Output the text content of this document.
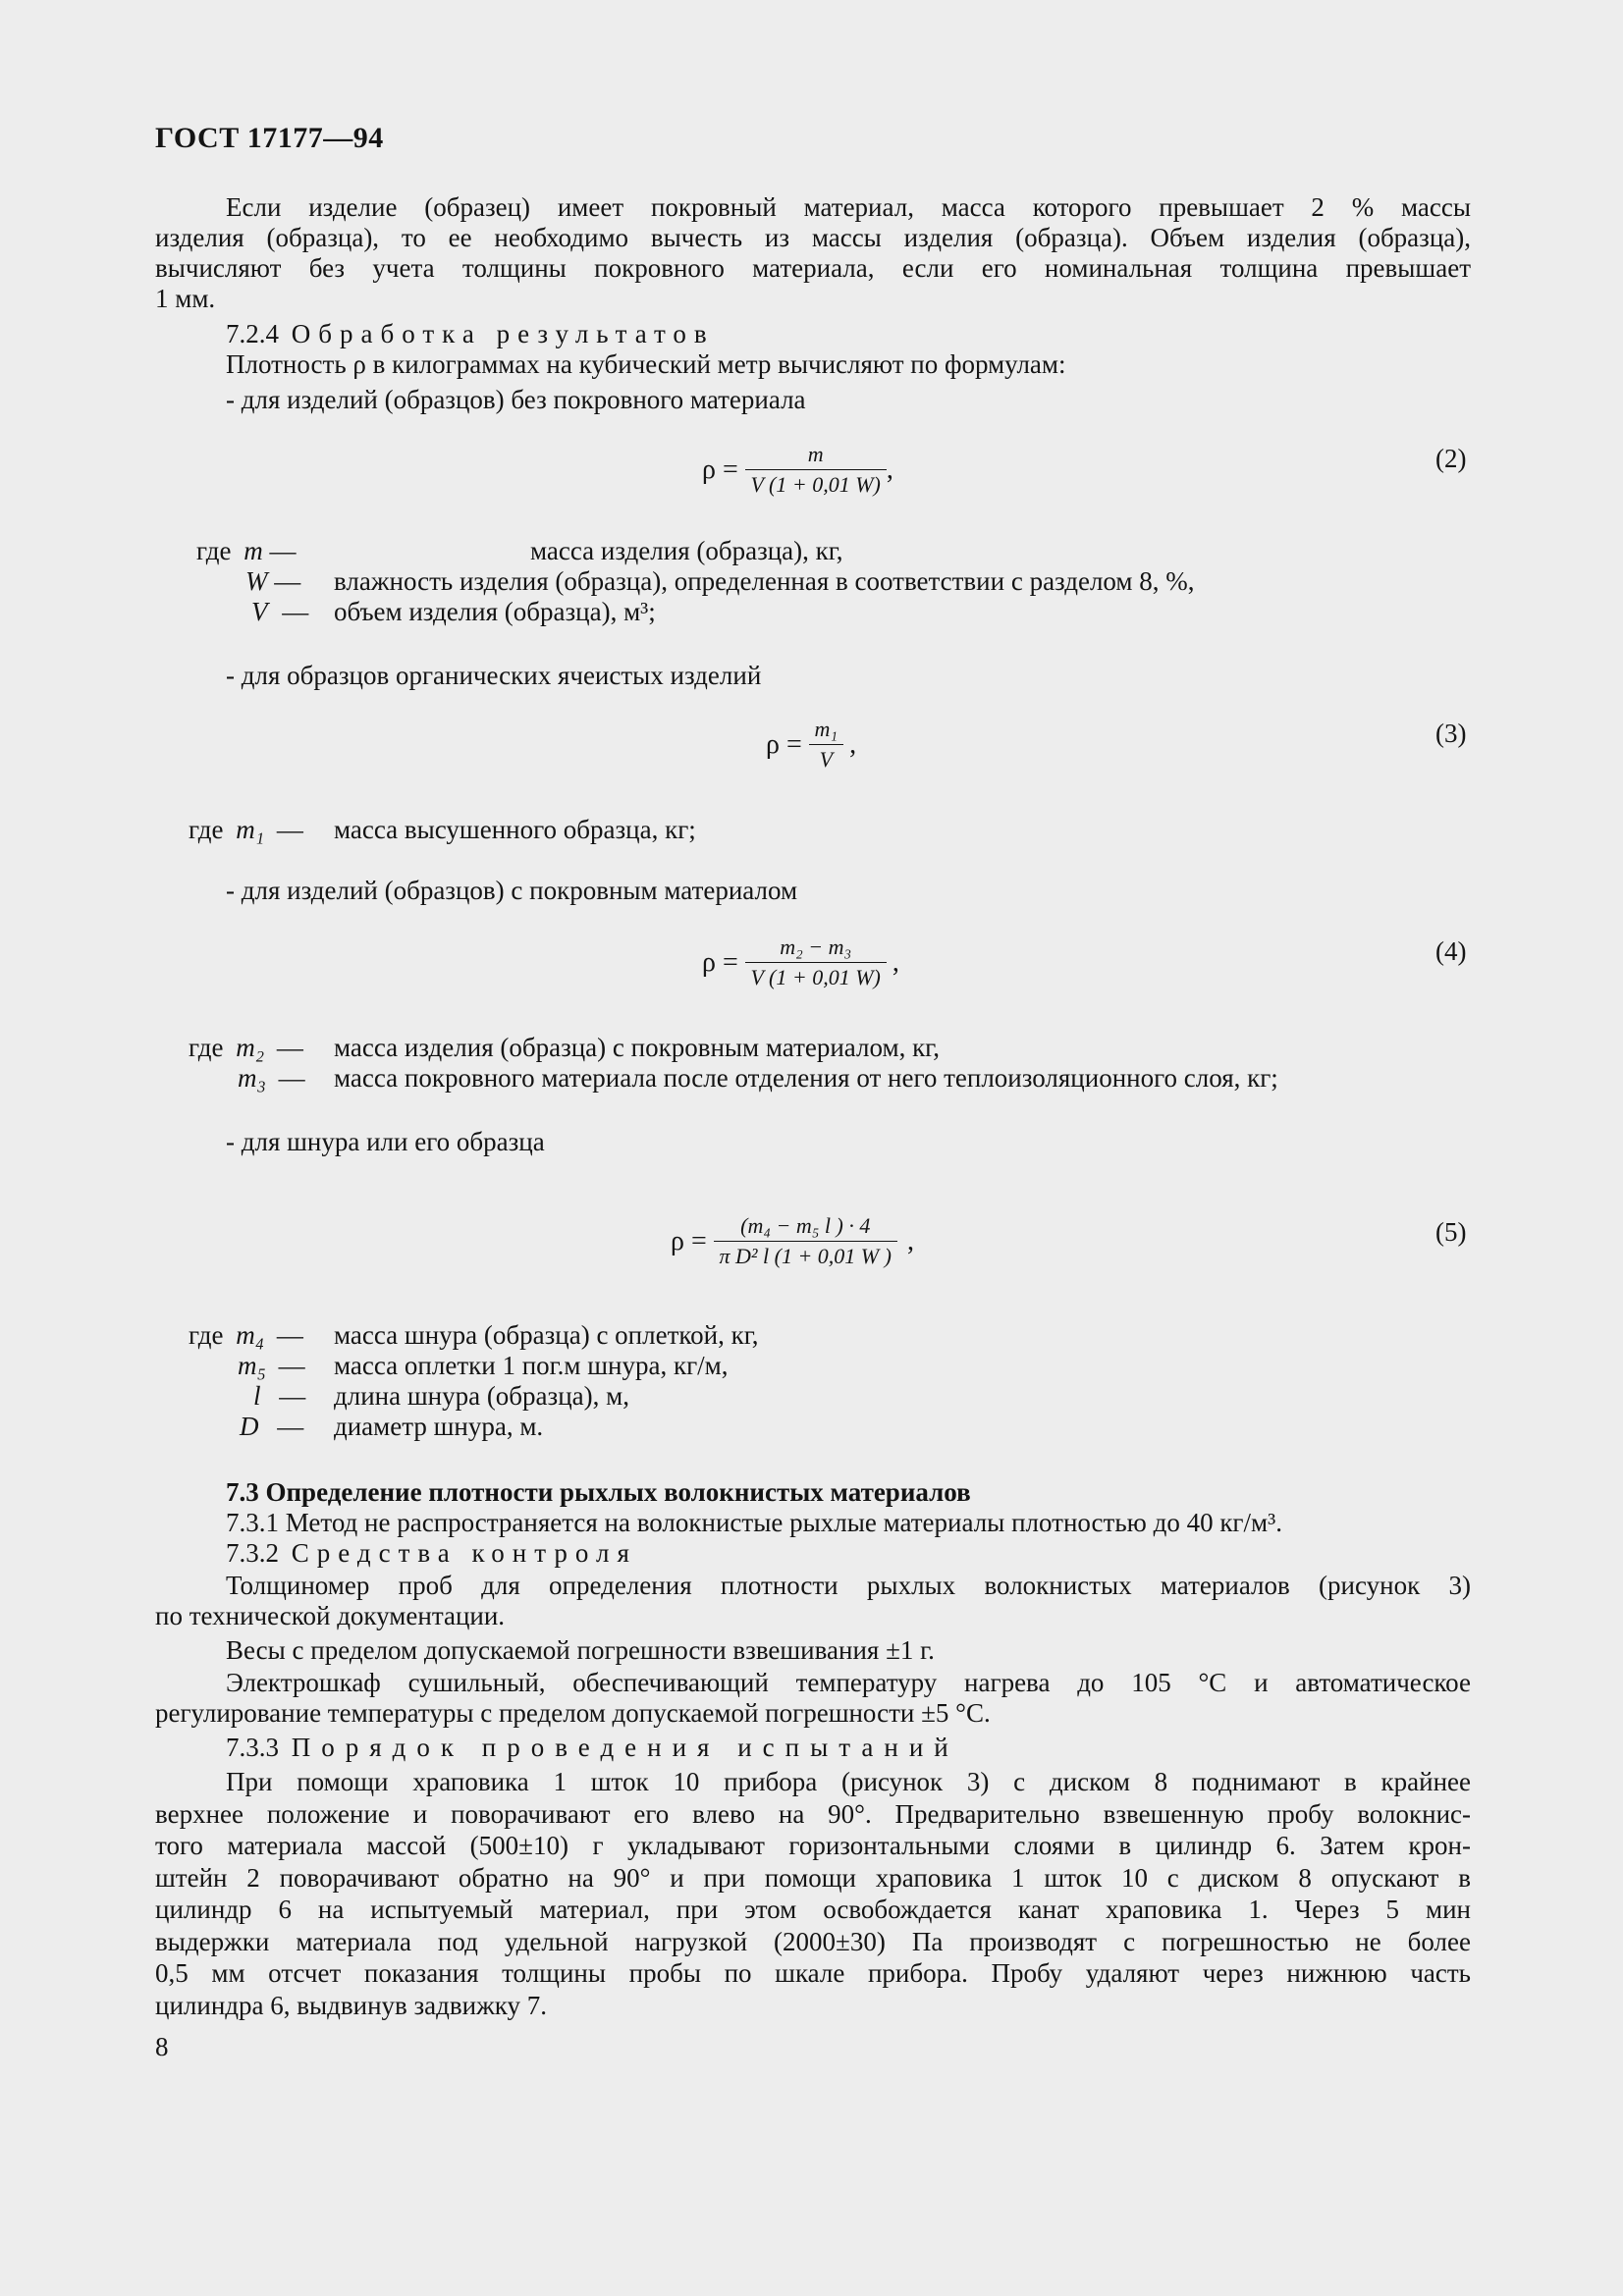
ГОСТ 17177—94
Если изделие (образец) имеет покровный материал, масса которого превышает 2 % массы
изделия (образца), то ее необходимо вычесть из массы изделия (образца). Объем изделия (образца),
вычисляют без учета толщины покровного материала, если его номинальная толщина превышает
1 мм.
7.2.4 Обработка результатов
Плотность ρ в килограммах на кубический метр вычисляют по формулам:
- для изделий (образцов) без покровного материала
$\rho = \frac{m}{V (1 + 0,01 W)}$ ,	(2)
где m —	масса изделия (образца), кг,
W — влажность изделия (образца), определенная в соответствии с разделом 8, %,
V — объем изделия (образца), м³;
- для образцов органических ячеистых изделий
$\rho = \frac{\text{m₁}}{V}$ ,	(3)
где m₁ — масса высушенного образца, кг;
- для изделий (образцов) с покровным материалом
$\rho = \frac{\text{m₂ − m₃}}{V (1 + 0,01 W)}$ ,	(4)
где m₂ — масса изделия (образца) с покровным материалом, кг,
m₃ — масса покровного материала после отделения от него теплоизоляционного слоя, кг;
- для шнура или его образца
$\rho = \frac{\text{(m₄ − m₅ l ) · 4}}{\text{π D² l (1 + 0,01 W )}}$ ,	(5)
где m₄ — масса шнура (образца) с оплеткой, кг,
m₅ — масса оплетки 1 пог.м шнура, кг/м,
l — длина шнура (образца), м,
D — диаметр шнура, м.
7.3 Определение плотности рыхлых волокнистых материалов
7.3.1 Метод не распространяется на волокнистые рыхлые материалы плотностью до 40 кг/м³.
7.3.2 Средства контроля
Толщиномер проб для определения плотности рыхлых волокнистых материалов (рисунок 3)
по технической документации.
Весы с пределом допускаемой погрешности взвешивания ±1 г.
Электрошкаф сушильный, обеспечивающий температуру нагрева до 105 °С и автоматическое
регулирование температуры с пределом допускаемой погрешности ±5 °С.
7.3.3 Порядок проведения испытаний
При помощи храповика 1 шток 10 прибора (рисунок 3) с диском 8 поднимают в крайнее
верхнее положение и поворачивают его влево на 90°. Предварительно взвешенную пробу волокнис-
того материала массой (500±10) г укладывают горизонтальными слоями в цилиндр 6. Затем крон-
штейн 2 поворачивают обратно на 90° и при помощи храповика 1 шток 10 с диском 8 опускают в
цилиндр 6 на испытуемый материал, при этом освобождается канат храповика 1. Через 5 мин
выдержки материала под удельной нагрузкой (2000±30) Па производят с погрешностью не более
0,5 мм отсчет показания толщины пробы по шкале прибора. Пробу удаляют через нижнюю часть
цилиндра 6, выдвинув задвижку 7.
8
